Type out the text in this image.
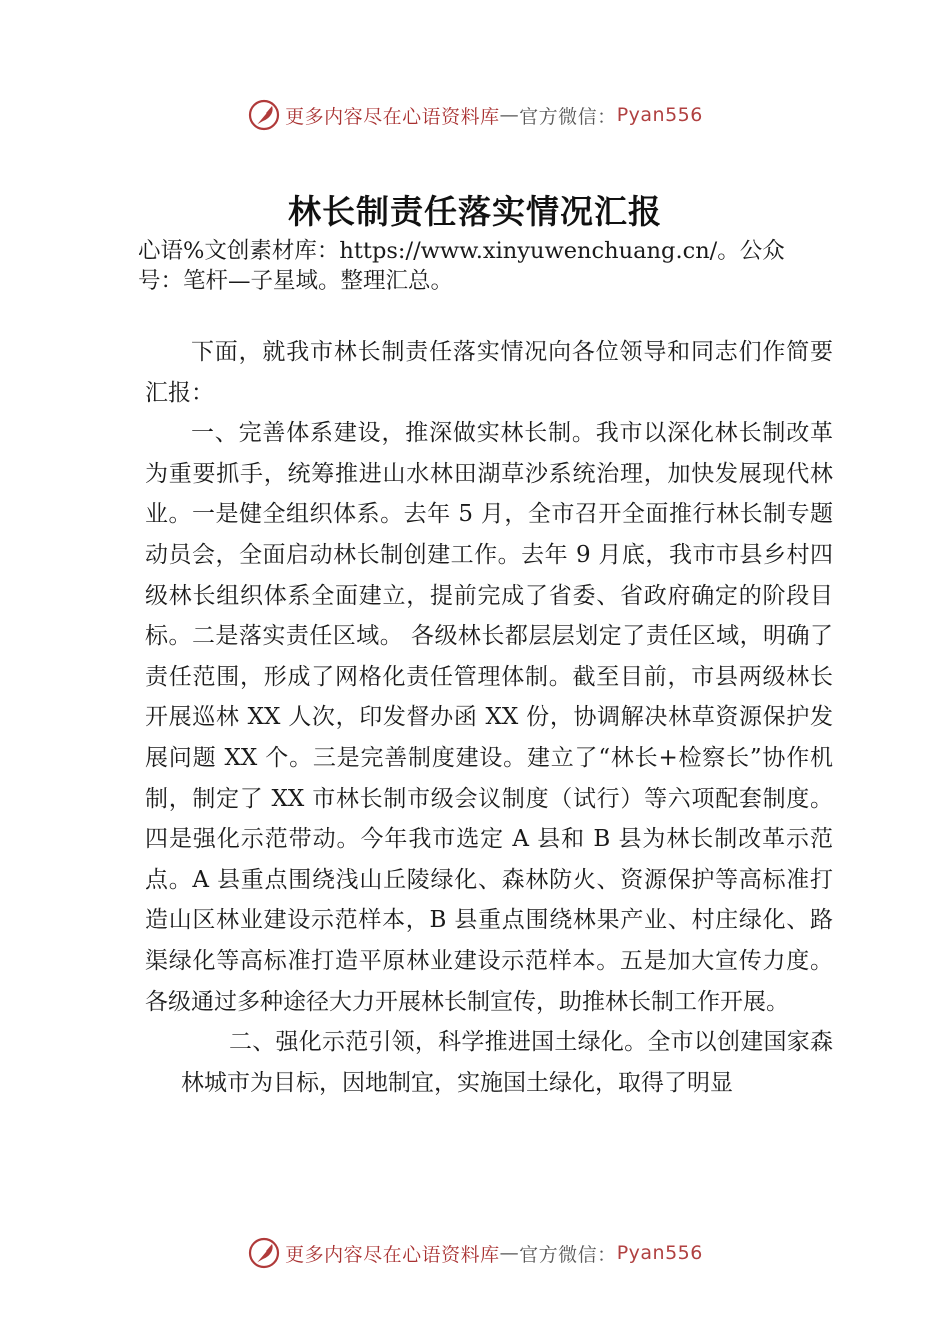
更多内容尽在心语资料库 — 官方微信： Pyan556
林长制责任落实情况汇报

心语%文创素材库：https://www.xinyuwenchuang.cn/。公众号：笔杆—子星域。整理汇总。

下面，就我市林长制责任落实情况向各位领导和同志们作简要汇报：

一、完善体系建设，推深做实林长制。我市以深化林长制改革为重要抓手，统筹推进山水林田湖草沙系统治理，加快发展现代林业。一是健全组织体系。去年 5 月，全市召开全面推行林长制专题动员会，全面启动林长制创建工作。去年 9 月底，我市市县乡村四级林长组织体系全面建立，提前完成了省委、省政府确定的阶段目标。二是落实责任区域。 各级林长都层层划定了责任区域，明确了责任范围，形成了网格化责任管理体制。截至目前，市县两级林长开展巡林 XX 人次，印发督办函 XX 份，协调解决林草资源保护发展问题 XX 个。三是完善制度建设。建立了“林长+检察长”协作机制，制定了 XX 市林长制市级会议制度（试行）等六项配套制度。四是强化示范带动。今年我市选定 A 县和 B 县为林长制改革示范点。A 县重点围绕浅山丘陵绿化、森林防火、资源保护等高标准打造山区林业建设示范样本，B 县重点围绕林果产业、村庄绿化、路渠绿化等高标准打造平原林业建设示范样本。五是加大宣传力度。各级通过多种途径大力开展林长制宣传，助推林长制工作开展。

二、强化示范引领，科学推进国土绿化。全市以创建国家森林城市为目标，因地制宜，实施国土绿化，取得了明显

更多内容尽在心语资料库 — 官方微信： Pyan556
